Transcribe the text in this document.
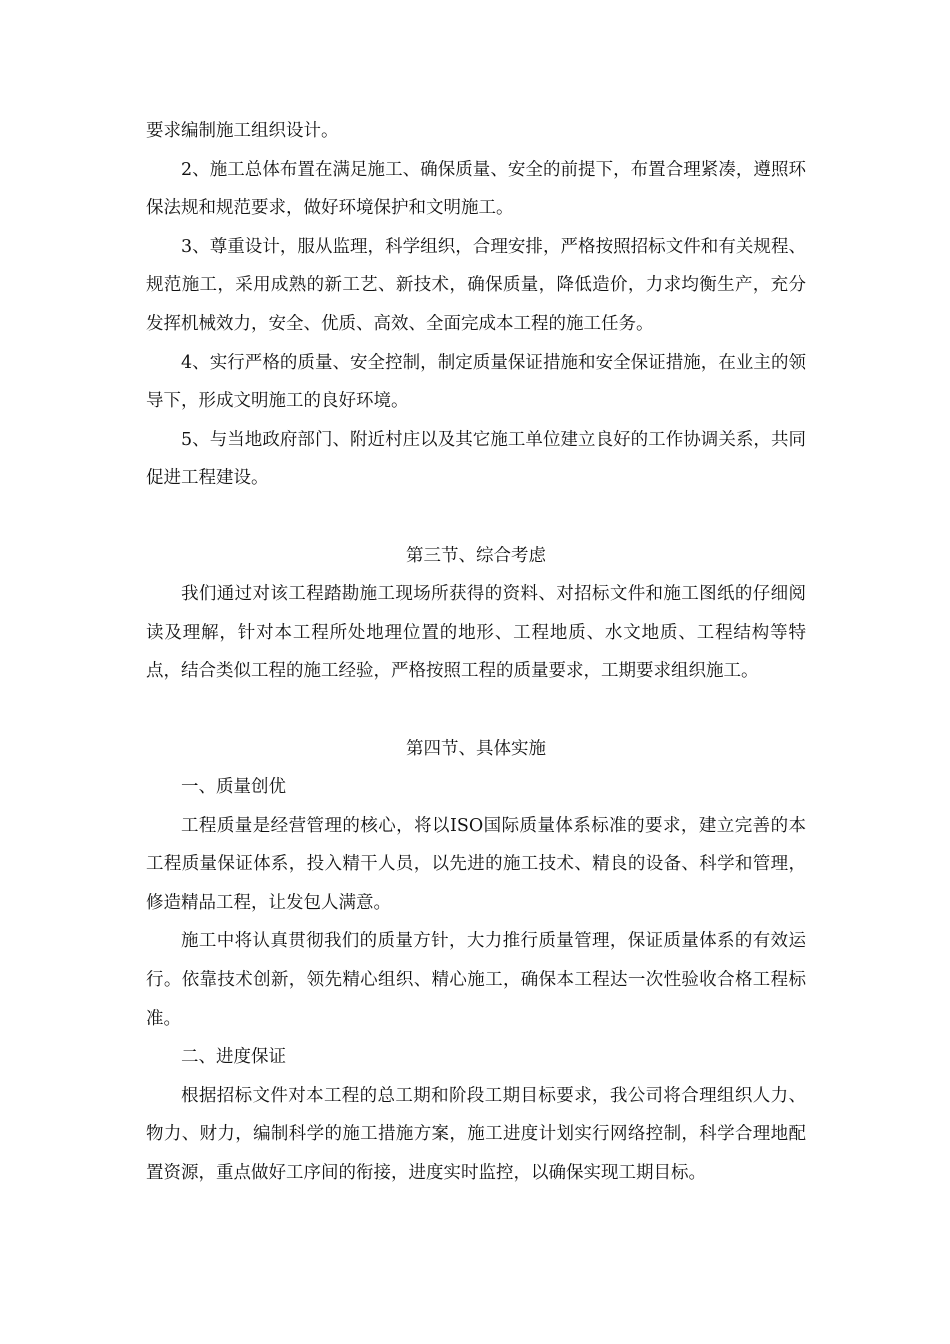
要求编制施工组织设计。

2、施工总体布置在满足施工、确保质量、安全的前提下，布置合理紧凑，遵照环保法规和规范要求，做好环境保护和文明施工。

3、尊重设计，服从监理，科学组织，合理安排，严格按照招标文件和有关规程、规范施工，采用成熟的新工艺、新技术，确保质量，降低造价，力求均衡生产，充分发挥机械效力，安全、优质、高效、全面完成本工程的施工任务。

4、实行严格的质量、安全控制，制定质量保证措施和安全保证措施，在业主的领导下，形成文明施工的良好环境。

5、与当地政府部门、附近村庄以及其它施工单位建立良好的工作协调关系，共同促进工程建设。

第三节、综合考虑

我们通过对该工程踏勘施工现场所获得的资料、对招标文件和施工图纸的仔细阅读及理解，针对本工程所处地理位置的地形、工程地质、水文地质、工程结构等特点，结合类似工程的施工经验，严格按照工程的质量要求，工期要求组织施工。

第四节、具体实施

一、质量创优

工程质量是经营管理的核心，将以ISO国际质量体系标准的要求，建立完善的本工程质量保证体系，投入精干人员，以先进的施工技术、精良的设备、科学和管理，修造精品工程，让发包人满意。

施工中将认真贯彻我们的质量方针，大力推行质量管理，保证质量体系的有效运行。依靠技术创新，领先精心组织、精心施工，确保本工程达一次性验收合格工程标准。

二、进度保证

根据招标文件对本工程的总工期和阶段工期目标要求，我公司将合理组织人力、物力、财力，编制科学的施工措施方案，施工进度计划实行网络控制，科学合理地配置资源，重点做好工序间的衔接，进度实时监控，以确保实现工期目标。
